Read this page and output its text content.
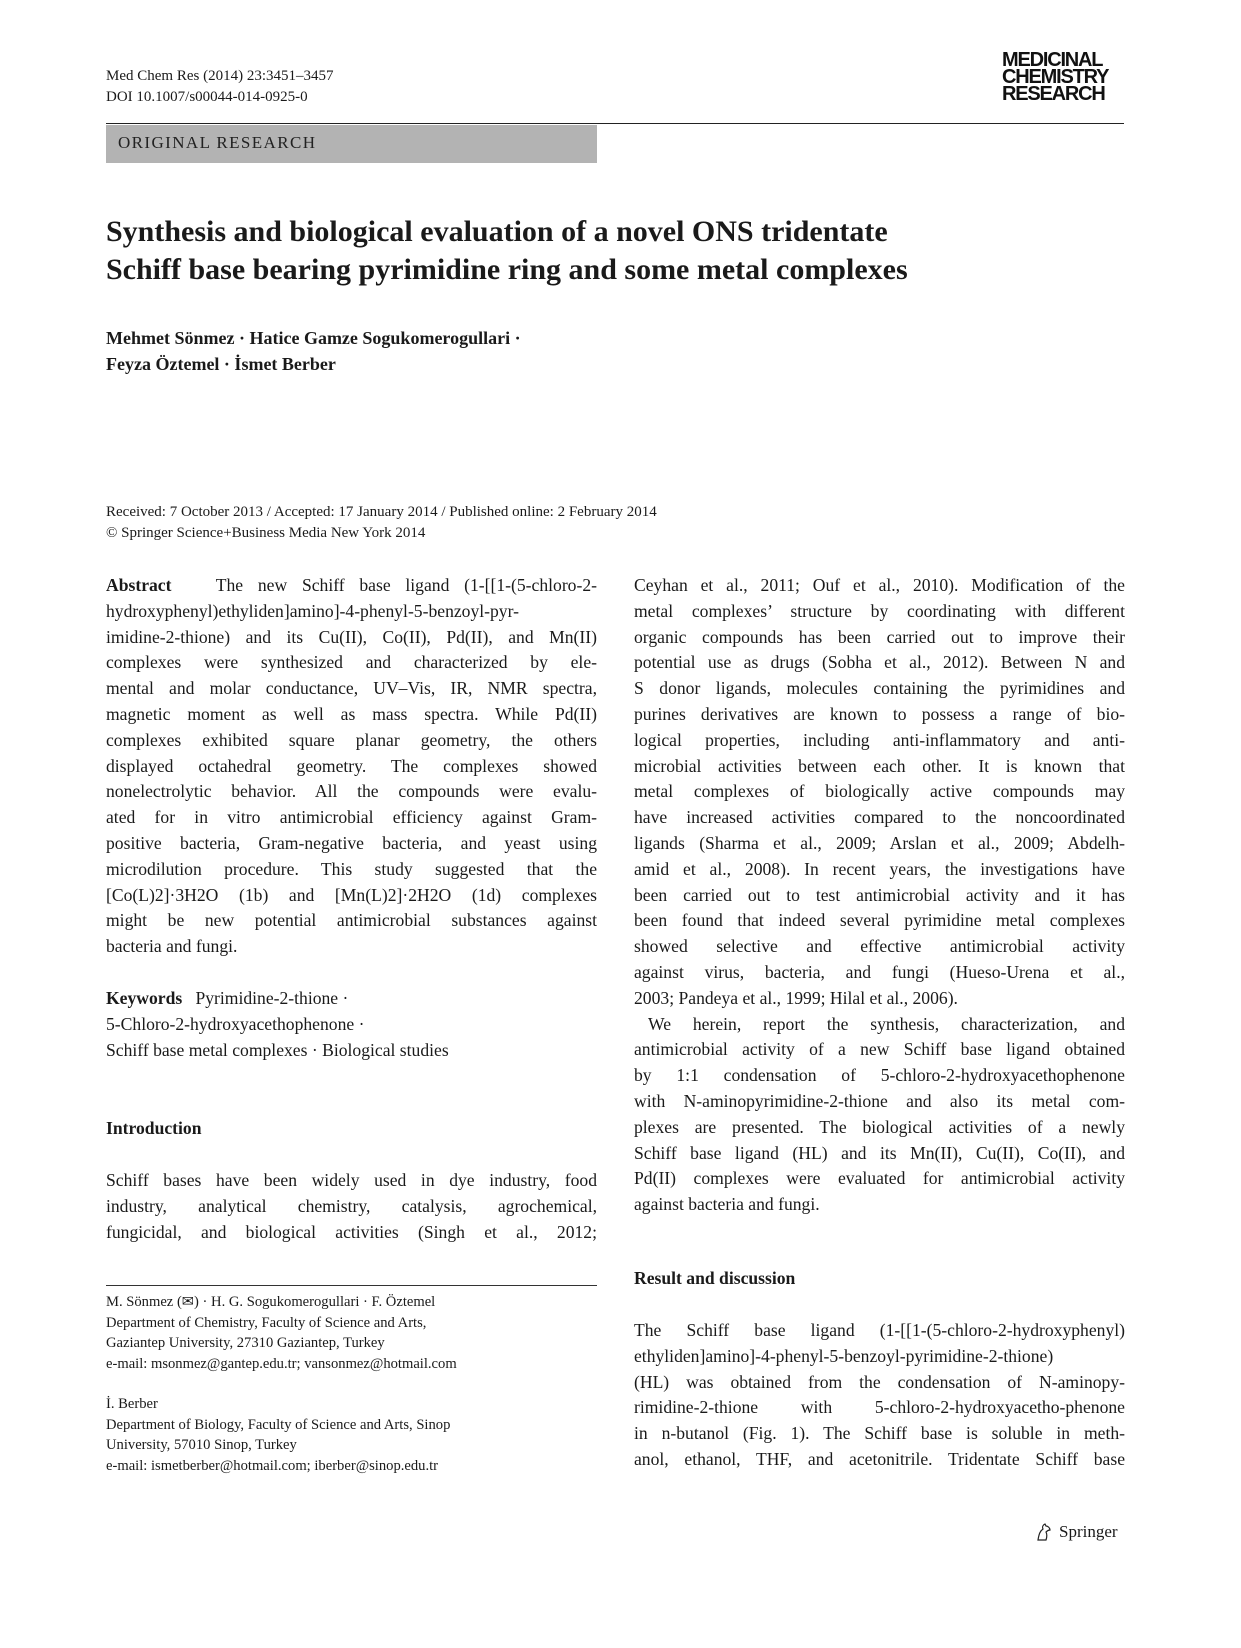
Med Chem Res (2014) 23:3451–3457
DOI 10.1007/s00044-014-0925-0
MEDICINAL
CHEMISTRY
RESEARCH
ORIGINAL RESEARCH
Synthesis and biological evaluation of a novel ONS tridentate
Schiff base bearing pyrimidine ring and some metal complexes
Mehmet Sönmez · Hatice Gamze Sogukomerogullari ·
Feyza Öztemel · İsmet Berber
Received: 7 October 2013 / Accepted: 17 January 2014 / Published online: 2 February 2014
© Springer Science+Business Media New York 2014
Abstract	The new Schiff base ligand (1-[[1-(5-chloro-2-
hydroxyphenyl)ethyliden]amino]-4-phenyl-5-benzoyl-pyr-
imidine-2-thione) and its Cu(II), Co(II), Pd(II), and Mn(II)
complexes were synthesized and characterized by ele-
mental and molar conductance, UV–Vis, IR, NMR spectra,
magnetic moment as well as mass spectra. While Pd(II)
complexes exhibited square planar geometry, the others
displayed octahedral geometry. The complexes showed
nonelectrolytic behavior. All the compounds were evalu-
ated for in vitro antimicrobial efficiency against Gram-
positive bacteria, Gram-negative bacteria, and yeast using
microdilution procedure. This study suggested that the
[Co(L)2]·3H2O (1b) and [Mn(L)2]·2H2O (1d) complexes
might be new potential antimicrobial substances against
bacteria and fungi.
Keywords Pyrimidine-2-thione ·
5-Chloro-2-hydroxyacethophenone ·
Schiff base metal complexes · Biological studies
Introduction
Schiff bases have been widely used in dye industry, food
industry, analytical chemistry, catalysis, agrochemical,
fungicidal, and biological activities (Singh et al., 2012;
M. Sönmez (✉) · H. G. Sogukomerogullari · F. Öztemel
Department of Chemistry, Faculty of Science and Arts,
Gaziantep University, 27310 Gaziantep, Turkey
e-mail: msonmez@gantep.edu.tr; vansonmez@hotmail.com
İ. Berber
Department of Biology, Faculty of Science and Arts, Sinop
University, 57010 Sinop, Turkey
e-mail: ismetberber@hotmail.com; iberber@sinop.edu.tr
Ceyhan et al., 2011; Ouf et al., 2010). Modification of the
metal complexes’ structure by coordinating with different
organic compounds has been carried out to improve their
potential use as drugs (Sobha et al., 2012). Between N and
S donor ligands, molecules containing the pyrimidines and
purines derivatives are known to possess a range of bio-
logical properties, including anti-inflammatory and anti-
microbial activities between each other. It is known that
metal complexes of biologically active compounds may
have increased activities compared to the noncoordinated
ligands (Sharma et al., 2009; Arslan et al., 2009; Abdelh-
amid et al., 2008). In recent years, the investigations have
been carried out to test antimicrobial activity and it has
been found that indeed several pyrimidine metal complexes
showed selective and effective antimicrobial activity
against virus, bacteria, and fungi (Hueso-Urena et al.,
2003; Pandeya et al., 1999; Hilal et al., 2006).
We herein, report the synthesis, characterization, and
antimicrobial activity of a new Schiff base ligand obtained
by 1:1 condensation of 5-chloro-2-hydroxyacethophenone
with N-aminopyrimidine-2-thione and also its metal com-
plexes are presented. The biological activities of a newly
Schiff base ligand (HL) and its Mn(II), Cu(II), Co(II), and
Pd(II) complexes were evaluated for antimicrobial activity
against bacteria and fungi.
Result and discussion
The Schiff base ligand (1-[[1-(5-chloro-2-hydroxyphenyl)
ethyliden]amino]-4-phenyl-5-benzoyl-pyrimidine-2-thione)
(HL) was obtained from the condensation of N-aminopy-
rimidine-2-thione with 5-chloro-2-hydroxyacetho-phenone
in n-butanol (Fig. 1). The Schiff base is soluble in meth-
anol, ethanol, THF, and acetonitrile. Tridentate Schiff base
Springer
